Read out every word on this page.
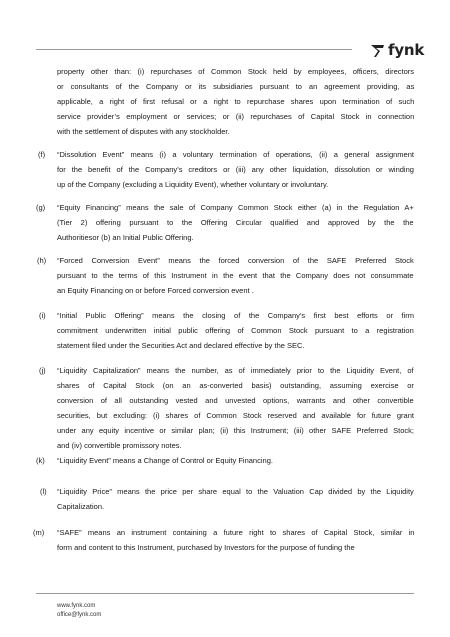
fynk

property other than: (i) repurchases of Common Stock held by employees, officers, directors

or consultants of the Company or its subsidiaries pursuant to an agreement providing, as

applicable, a right of first refusal or a right to repurchase shares upon termination of such

service provider’s employment or services; or (ii) repurchases of Capital Stock in connection

with the settlement of disputes with any stockholder.

(f) “Dissolution Event” means (i) a voluntary termination of operations, (ii) a general assignment

for the benefit of the Company’s creditors or (iii) any other liquidation, dissolution or winding

up of the Company (excluding a Liquidity Event), whether voluntary or involuntary.

(g) “Equity Financing” means the sale of Company Common Stock either (a) in the Regulation A+

(Tier 2) offering pursuant to the Offering Circular qualified and approved by the the

Authoritiesor (b) an Initial Public Offering.

(h) “Forced Conversion Event” means the forced conversion of the SAFE Preferred Stock

pursuant to the terms of this Instrument in the event that the Company does not consummate

an Equity Financing on or before Forced conversion event .

(i) “Initial Public Offering” means the closing of the Company’s first best efforts or firm

commitment underwritten initial public offering of Common Stock pursuant to a registration

statement filed under the Securities Act and declared effective by the SEC.

(j) “Liquidity Capitalization” means the number, as of immediately prior to the Liquidity Event, of

shares of Capital Stock (on an as-converted basis) outstanding, assuming exercise or

conversion of all outstanding vested and unvested options, warrants and other convertible

securities, but excluding: (i) shares of Common Stock reserved and available for future grant

under any equity incentive or similar plan; (ii) this Instrument; (iii) other SAFE Preferred Stock;

and (iv) convertible promissory notes.

(k) “Liquidity Event” means a Change of Control or Equity Financing.

(l) “Liquidity Price” means the price per share equal to the Valuation Cap divided by the Liquidity

Capitalization.

(m) “SAFE” means an instrument containing a future right to shares of Capital Stock, similar in

form and content to this Instrument, purchased by Investors for the purpose of funding the

www.fynk.com
office@fynk.com
